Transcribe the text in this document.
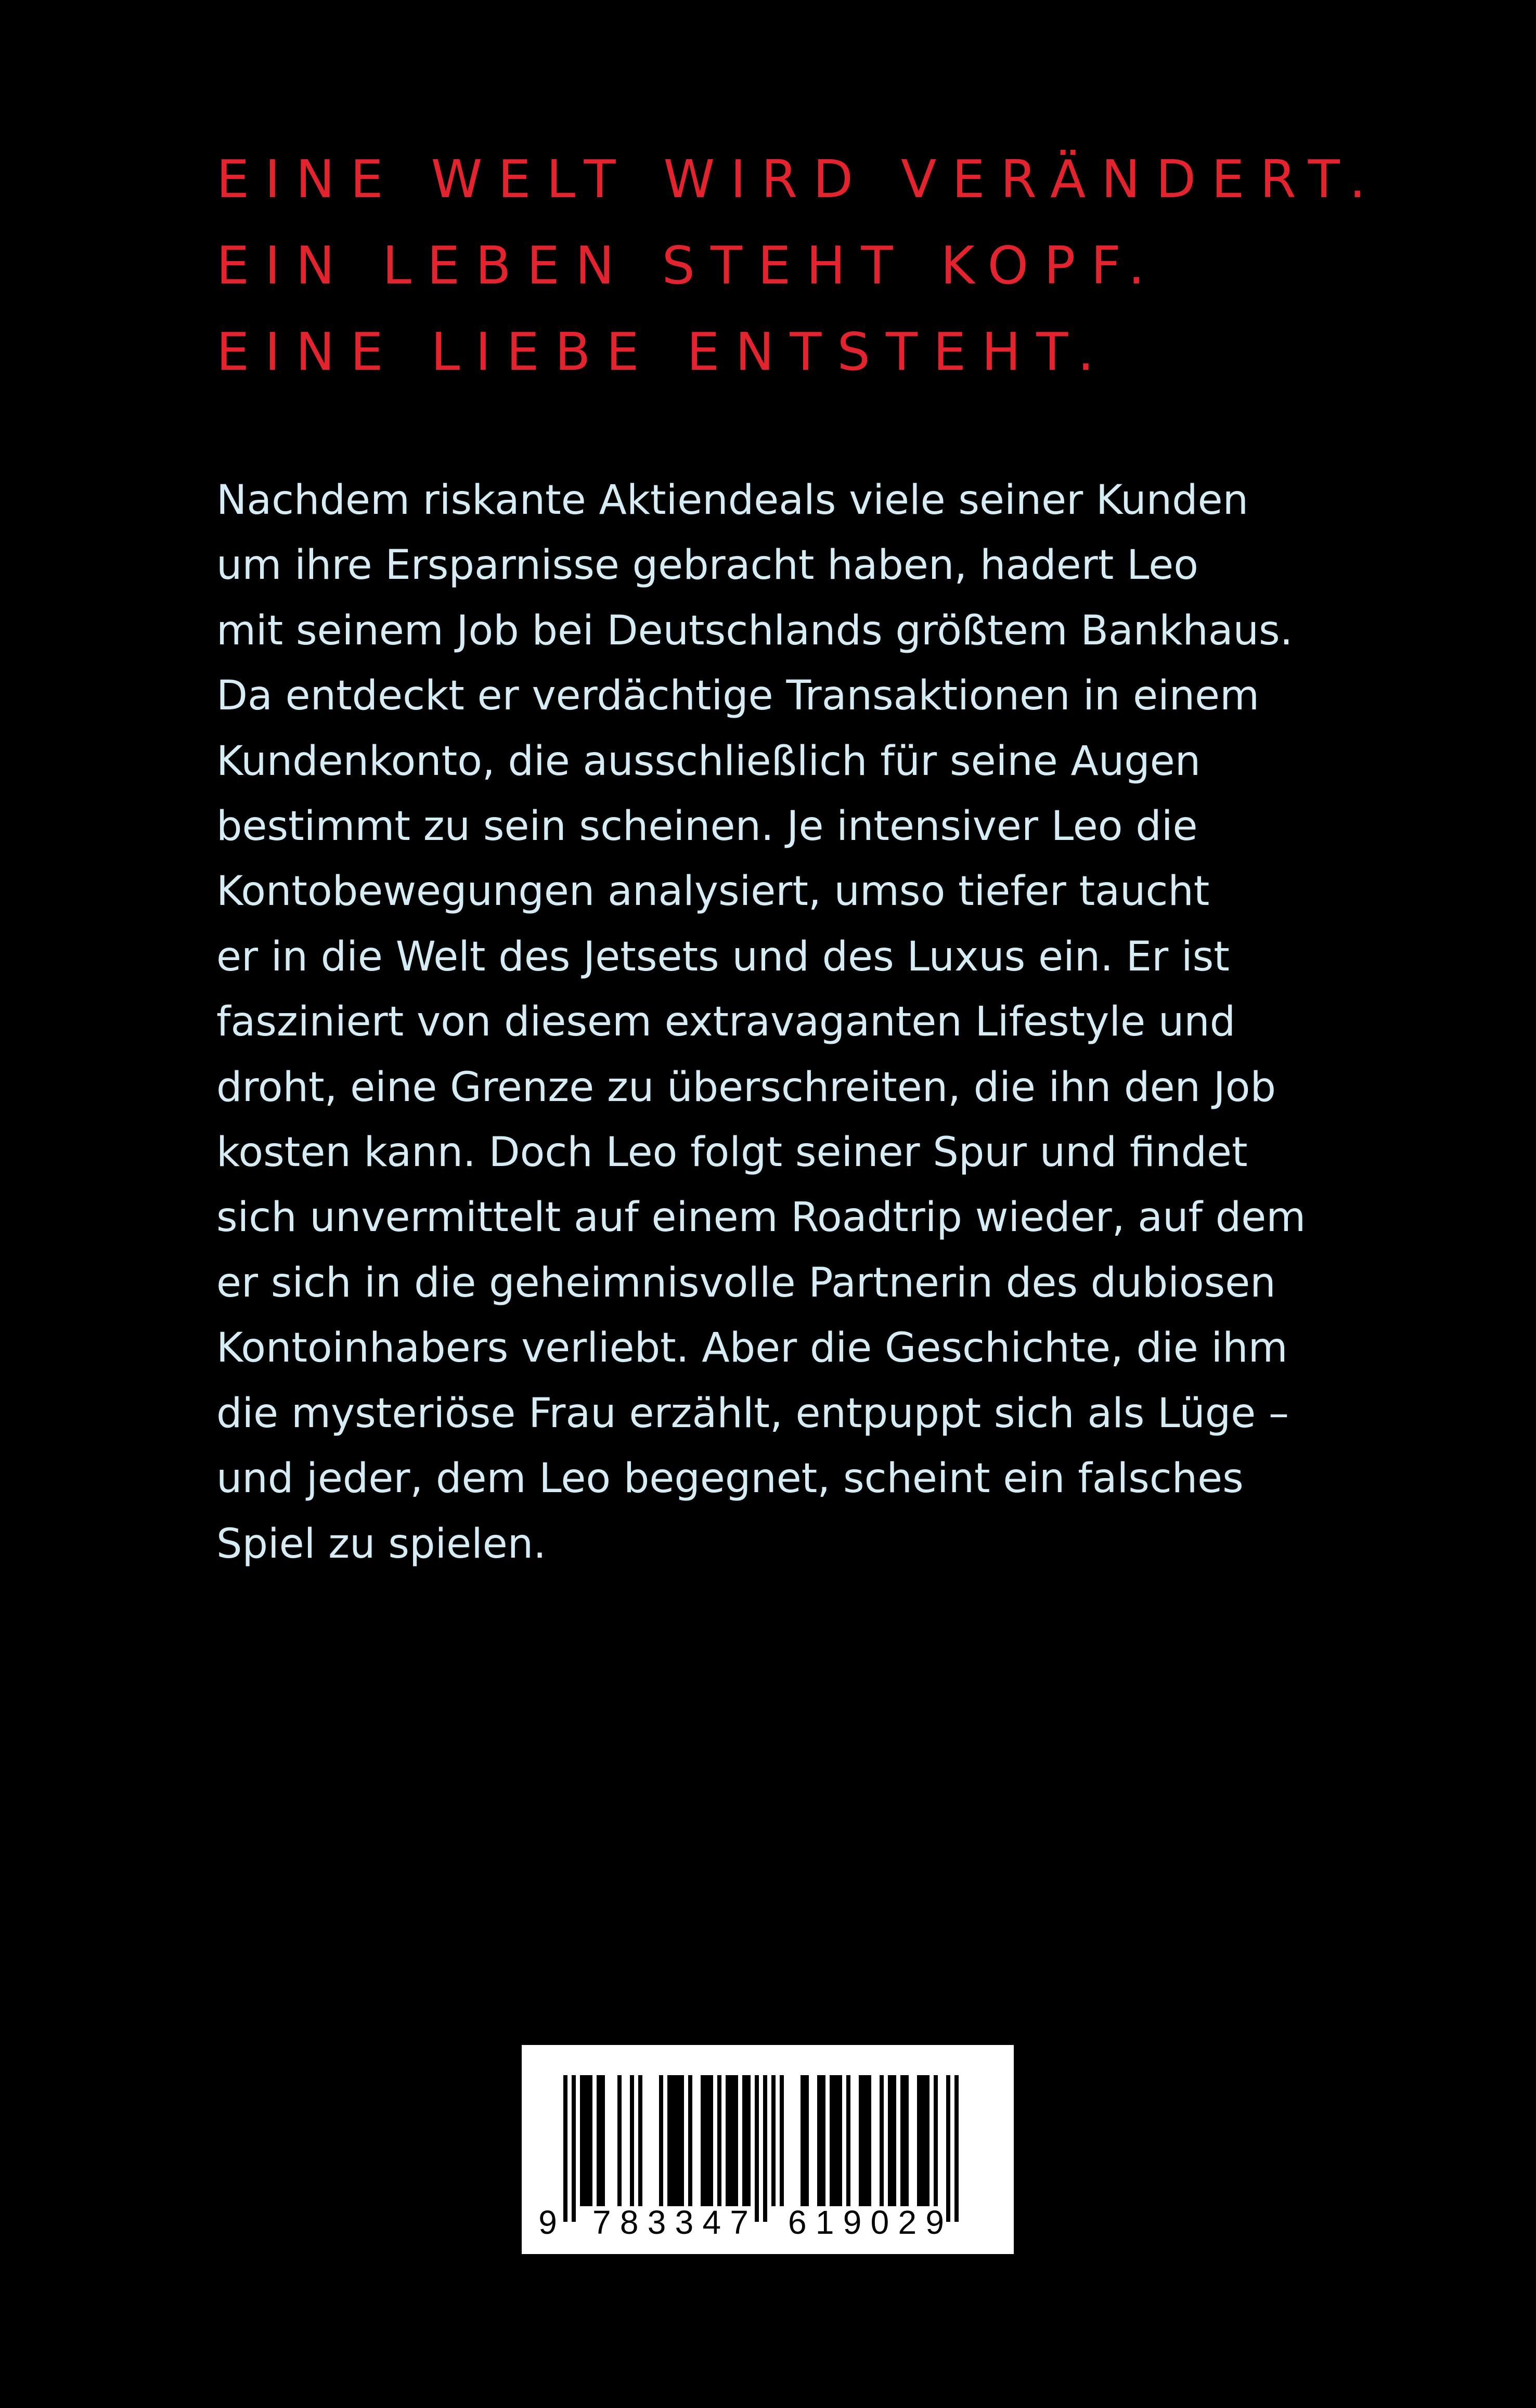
EINE WELT WIRD VERÄNDERT.
EIN LEBEN STEHT KOPF.
EINE LIEBE ENTSTEHT.
Nachdem riskante Aktiendeals viele seiner Kunden
um ihre Ersparnisse gebracht haben, hadert Leo
mit seinem Job bei Deutschlands größtem Bankhaus.
Da entdeckt er verdächtige Transaktionen in einem
Kundenkonto, die ausschließlich für seine Augen
bestimmt zu sein scheinen. Je intensiver Leo die
Kontobewegungen analysiert, umso tiefer taucht
er in die Welt des Jetsets und des Luxus ein. Er ist
fasziniert von diesem extravaganten Lifestyle und
droht, eine Grenze zu überschreiten, die ihn den Job
kosten kann. Doch Leo folgt seiner Spur und findet
sich unvermittelt auf einem Roadtrip wieder, auf dem
er sich in die geheimnisvolle Partnerin des dubiosen
Kontoinhabers verliebt. Aber die Geschichte, die ihm
die mysteriöse Frau erzählt, entpuppt sich als Lüge –
und jeder, dem Leo begegnet, scheint ein falsches
Spiel zu spielen.
9 783347 619029
